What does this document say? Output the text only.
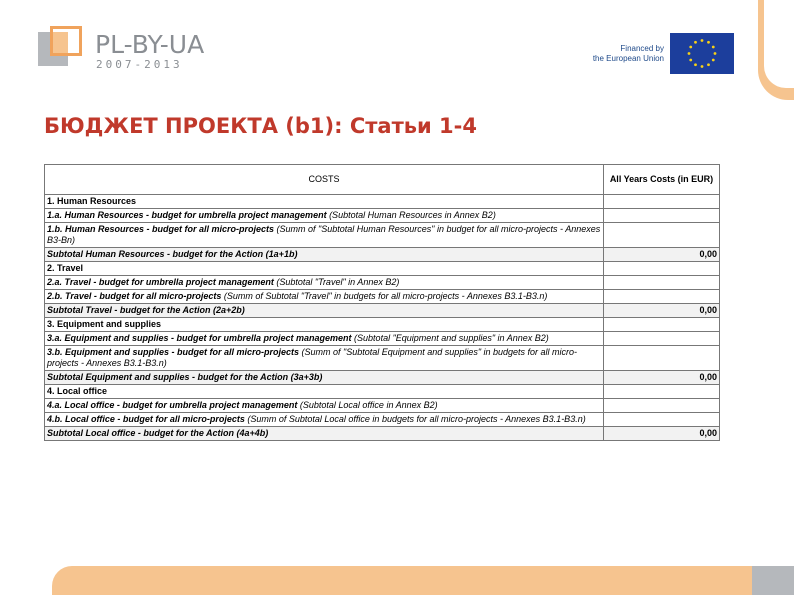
PL-BY-UA
2007-2013
Financed by
the European Union
БЮДЖЕТ ПРОЕКТА (b1): Статьи 1-4
COSTS	All Years Costs (in EUR)
1. Human Resources	
1.a. Human Resources - budget for umbrella project management (Subtotal Human Resources in Annex B2)	
1.b. Human Resources - budget for all micro-projects (Summ of "Subtotal Human Resources" in budget for all micro-projects - Annexes B3-Bn)	
Subtotal Human Resources - budget for the Action (1a+1b)	0,00
2. Travel	
2.a. Travel - budget for umbrella project management (Subtotal "Travel" in Annex B2)	
2.b. Travel - budget for all micro-projects (Summ of Subtotal "Travel" in budgets for all micro-projects - Annexes B3.1-B3.n)	
Subtotal Travel - budget for the Action (2a+2b)	0,00
3. Equipment and supplies	
3.a. Equipment and supplies - budget for umbrella project management (Subtotal "Equipment and supplies" in Annex B2)	
3.b. Equipment and supplies - budget for all micro-projects (Summ of "Subtotal Equipment and supplies" in budgets for all micro-projects - Annexes B3.1-B3.n)	
Subtotal Equipment and supplies - budget for the Action (3a+3b)	0,00
4. Local office	
4.a. Local office - budget for umbrella project management (Subtotal Local office in Annex B2)	
4.b. Local office - budget for all micro-projects (Summ of Subtotal Local office in budgets for all micro-projects - Annexes B3.1-B3.n)	
Subtotal Local office - budget for the Action (4a+4b)	0,00
